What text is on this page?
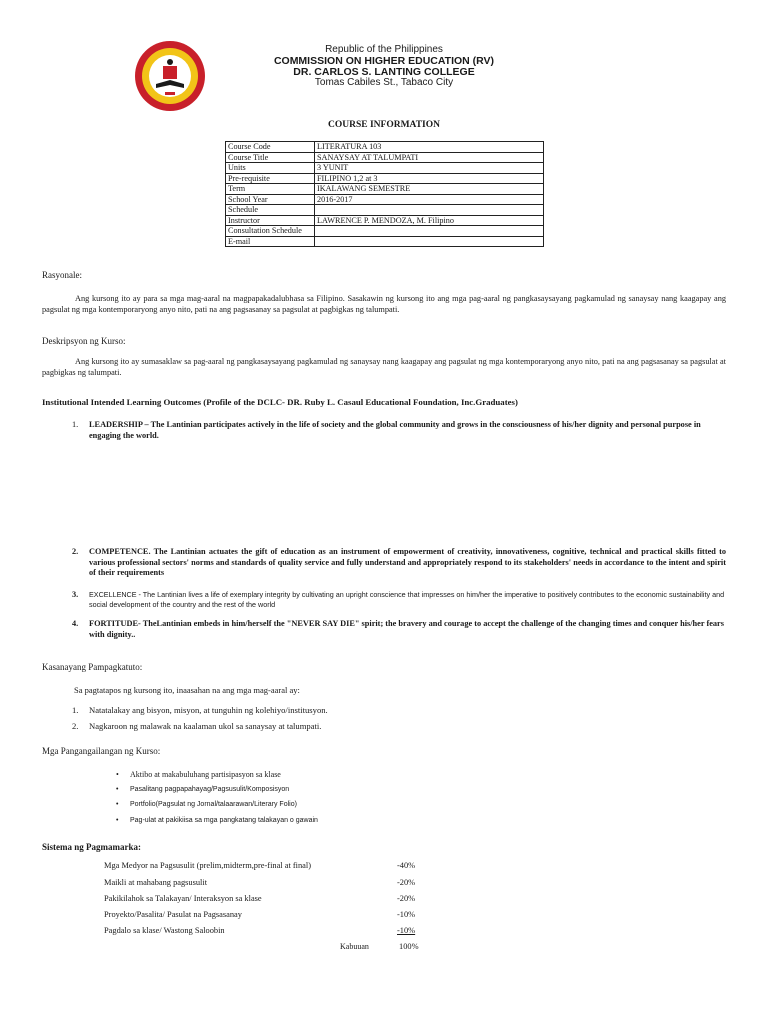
Republic of the Philippines
COMMISSION ON HIGHER EDUCATION (RV)
DR. CARLOS S. LANTING COLLEGE
Tomas Cabiles St., Tabaco City
COURSE INFORMATION
Course Code	LITERATURA 103
Course Title	SANAYSAY AT TALUMPATI
Units	3 YUNIT
Pre-requisite	FILIPINO 1,2 at 3
Term	IKALAWANG SEMESTRE
School Year	2016-2017
Schedule	
Instructor	LAWRENCE P. MENDOZA, M. Filipino
Consultation Schedule	
E-mail	
Rasyonale:
Ang kursong ito ay para sa mga mag-aaral na magpapakadalubhasa sa Filipino. Sasakawin ng kursong ito ang mga pag-aaral ng pangkasaysayang pagkamulad ng sanaysay nang kaagapay ang pagsulat ng mga kontemporaryong anyo nito, pati na ang pagsasanay sa pagsulat at pagbigkas ng talumpati.
Deskripsyon ng Kurso:
Ang kursong ito ay sumasaklaw sa pag-aaral ng pangkasaysayang pagkamulad ng sanaysay nang kaagapay ang pagsulat ng mga kontemporaryong anyo nito, pati na ang pagsasanay sa pagsulat at pagbigkas ng talumpati.
Institutional Intended Learning Outcomes (Profile of the DCLC- DR. Ruby L. Casaul Educational Foundation, Inc.Graduates)
1. LEADERSHIP – The Lantinian participates actively in the life of society and the global community and grows in the consciousness of his/her dignity and personal purpose in engaging the world.
2. COMPETENCE. The Lantinian actuates the gift of education as an instrument of empowerment of creativity, innovativeness, cognitive, technical and practical skills fitted to various professional sectors' norms and standards of quality service and fully understand and appropriately respond to its stakeholders' needs in accordance to the intent and spirit of their requirements
3. EXCELLENCE - The Lantinian lives a life of exemplary integrity by cultivating an upright conscience that impresses on him/her the imperative to positively contributes to the economic sustainability and social development of the country and the rest of the world
4. FORTITUDE- TheLantinian embeds in him/herself the "NEVER SAY DIE" spirit; the bravery and courage to accept the challenge of the changing times and conquer his/her fears with dignity..
Kasanayang Pampagkatuto:
Sa pagtatapos ng kursong ito, inaasahan na ang mga mag-aaral ay:
1. Natatalakay ang bisyon, misyon, at tunguhin ng kolehiyo/institusyon.
2. Nagkaroon ng malawak na kaalaman ukol sa sanaysay at talumpati.
Mga Pangangailangan ng Kurso:
• Aktibo at makabuluhang partisipasyon sa klase
• Pasalitang pagpapahayag/Pagsusulit/Komposisyon
• Portfolio(Pagsulat ng Jornal/talaarawan/Literary Folio)
• Pag-ulat at pakikiisa sa mga pangkatang talakayan o gawain
Sistema ng Pagmamarka:
Mga Medyor na Pagsusulit (prelim,midterm,pre-final at final)	-40%
Maikli at mahabang pagsusulit	-20%
Pakikilahok sa Talakayan/ Interaksyon sa klase	-20%
Proyekto/Pasalita/ Pasulat na Pagsasanay	-10%
Pagdalo sa klase/ Wastong Saloobin	-10%
Kabuuan	100%
